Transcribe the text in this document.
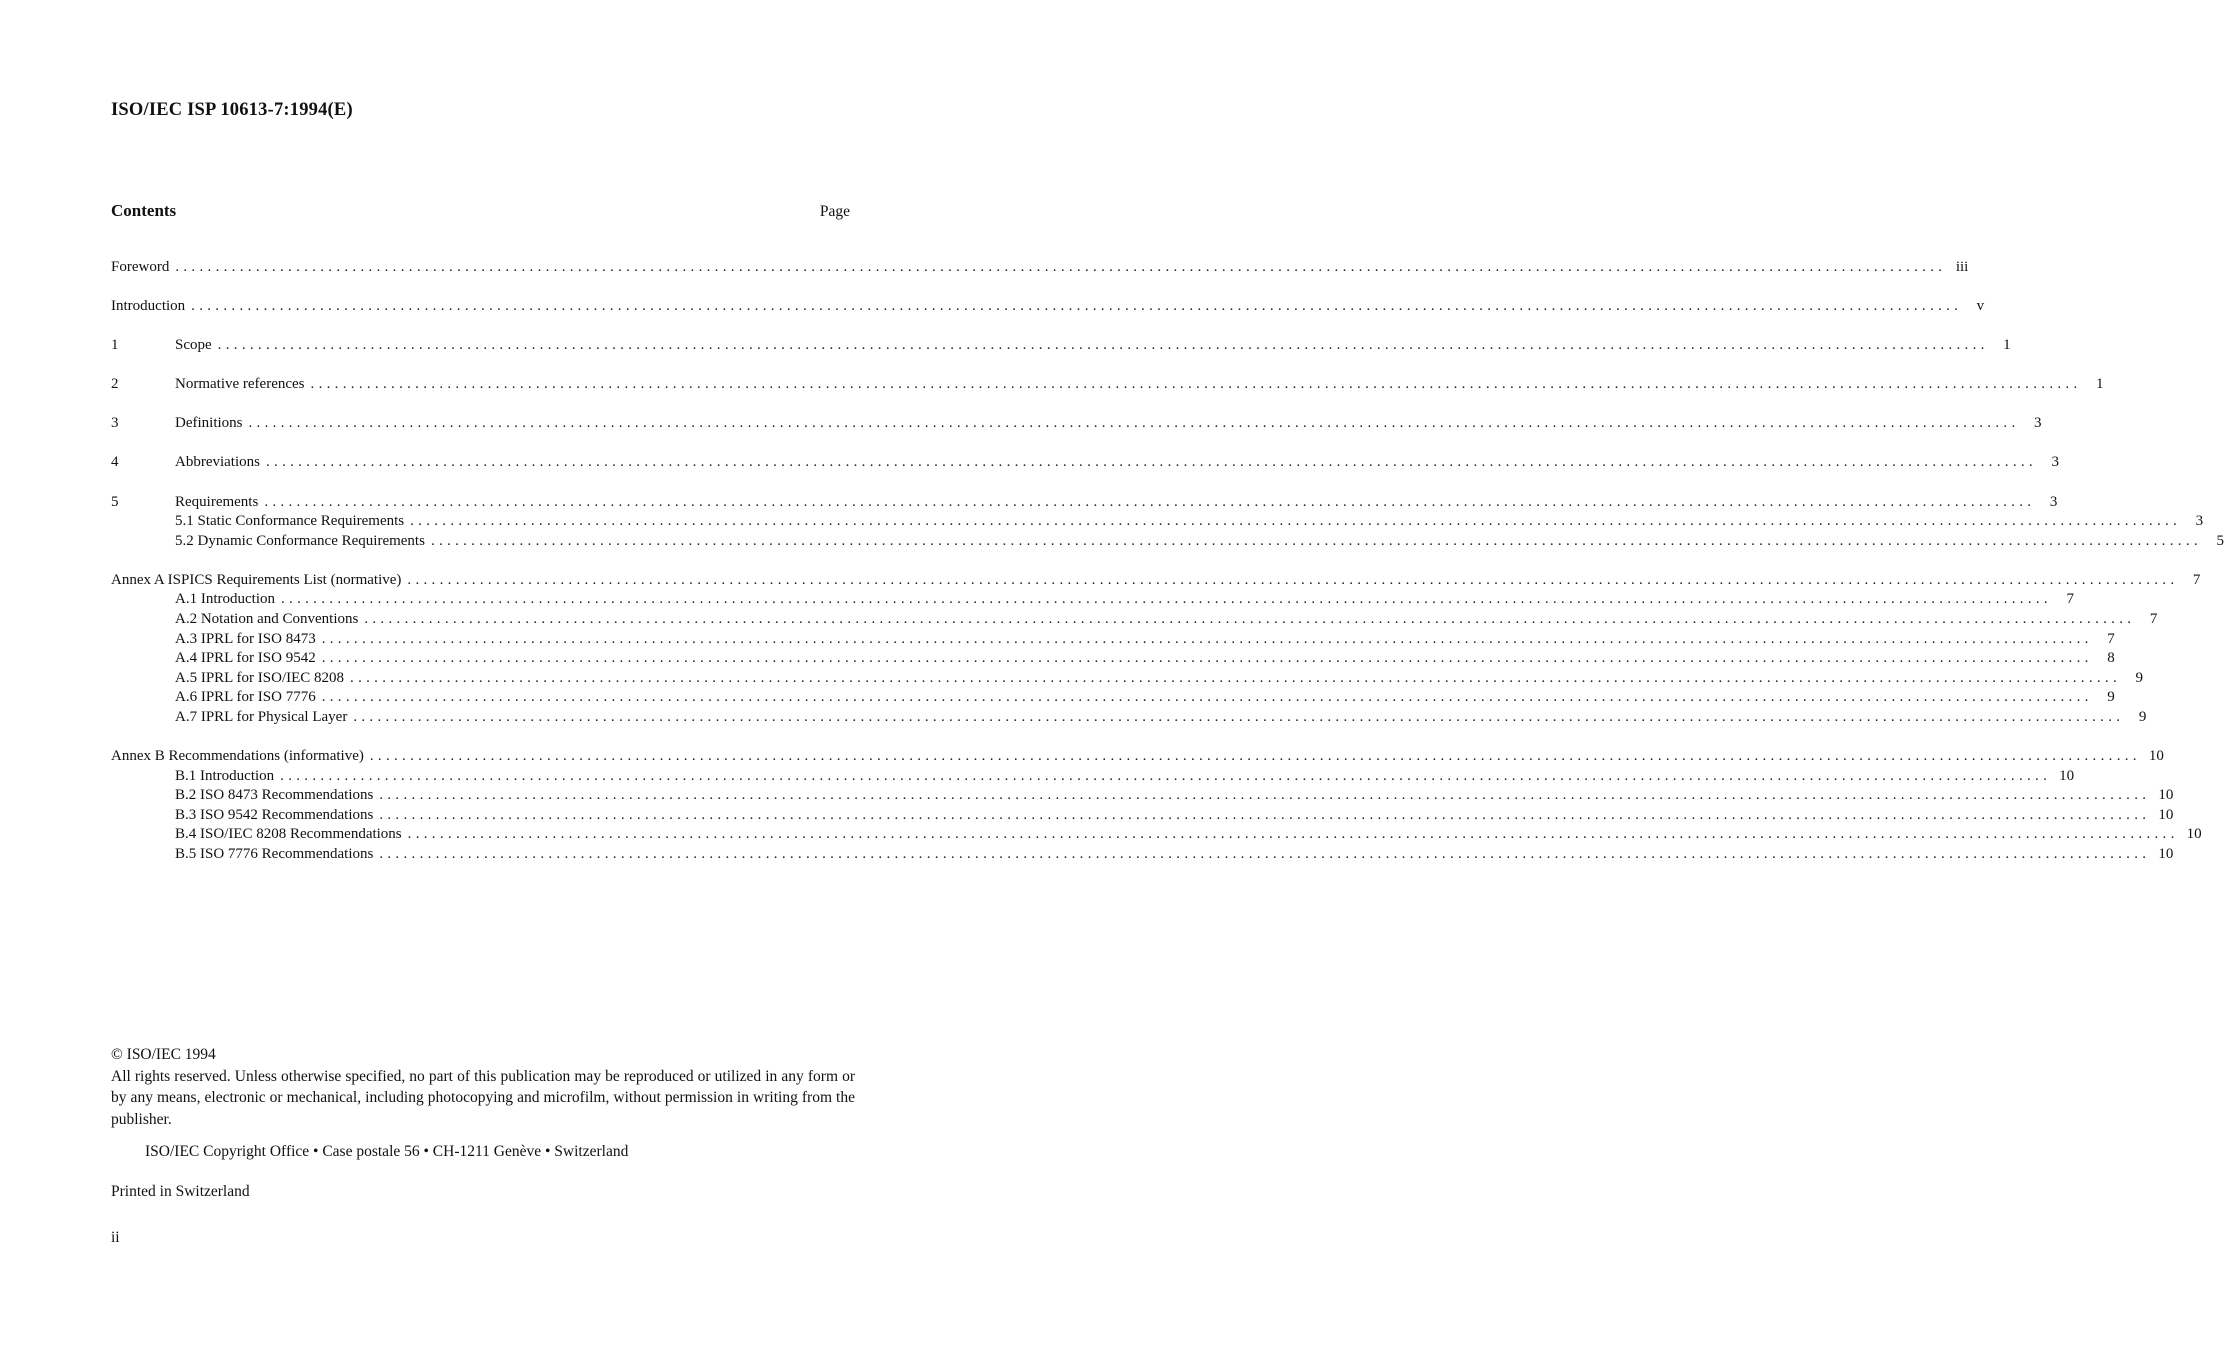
ISO/IEC ISP 10613-7:1994(E)
Contents	Page
Foreword ............................................................................................................................................................................................................................ iii
Introduction ............................................................................................................................................................................................................................ v
1	Scope ............................................................................................................................................................................................................................ 1
2	Normative references ............................................................................................................................................................................................................................ 1
3	Definitions ............................................................................................................................................................................................................................ 3
4	Abbreviations ............................................................................................................................................................................................................................ 3
5	Requirements ............................................................................................................................................................................................................................ 3
5.1 Static Conformance Requirements ............................................................................................................................................................................................................................ 3
5.2 Dynamic Conformance Requirements ............................................................................................................................................................................................................................ 5
Annex A ISPICS Requirements List (normative) ............................................................................................................................................................................................................................ 7
A.1 Introduction ............................................................................................................................................................................................................................ 7
A.2 Notation and Conventions ............................................................................................................................................................................................................................ 7
A.3 IPRL for ISO 8473 ............................................................................................................................................................................................................................ 7
A.4 IPRL for ISO 9542 ............................................................................................................................................................................................................................ 8
A.5 IPRL for ISO/IEC 8208 ............................................................................................................................................................................................................................ 9
A.6 IPRL for ISO 7776 ............................................................................................................................................................................................................................ 9
A.7 IPRL for Physical Layer ............................................................................................................................................................................................................................ 9
Annex B Recommendations (informative) ............................................................................................................................................................................................................................ 10
B.1 Introduction ............................................................................................................................................................................................................................ 10
B.2 ISO 8473 Recommendations ............................................................................................................................................................................................................................ 10
B.3 ISO 9542 Recommendations ............................................................................................................................................................................................................................ 10
B.4 ISO/IEC 8208 Recommendations ............................................................................................................................................................................................................................ 10
B.5 ISO 7776 Recommendations ............................................................................................................................................................................................................................ 10

© ISO/IEC 1994

All rights reserved. Unless otherwise specified, no part of this publication may be reproduced or utilized in any form or by any means, electronic or mechanical, including photocopying and microfilm, without permission in writing from the publisher.

ISO/IEC Copyright Office • Case postale 56 • CH-1211 Genève • Switzerland
Printed in Switzerland
ii
